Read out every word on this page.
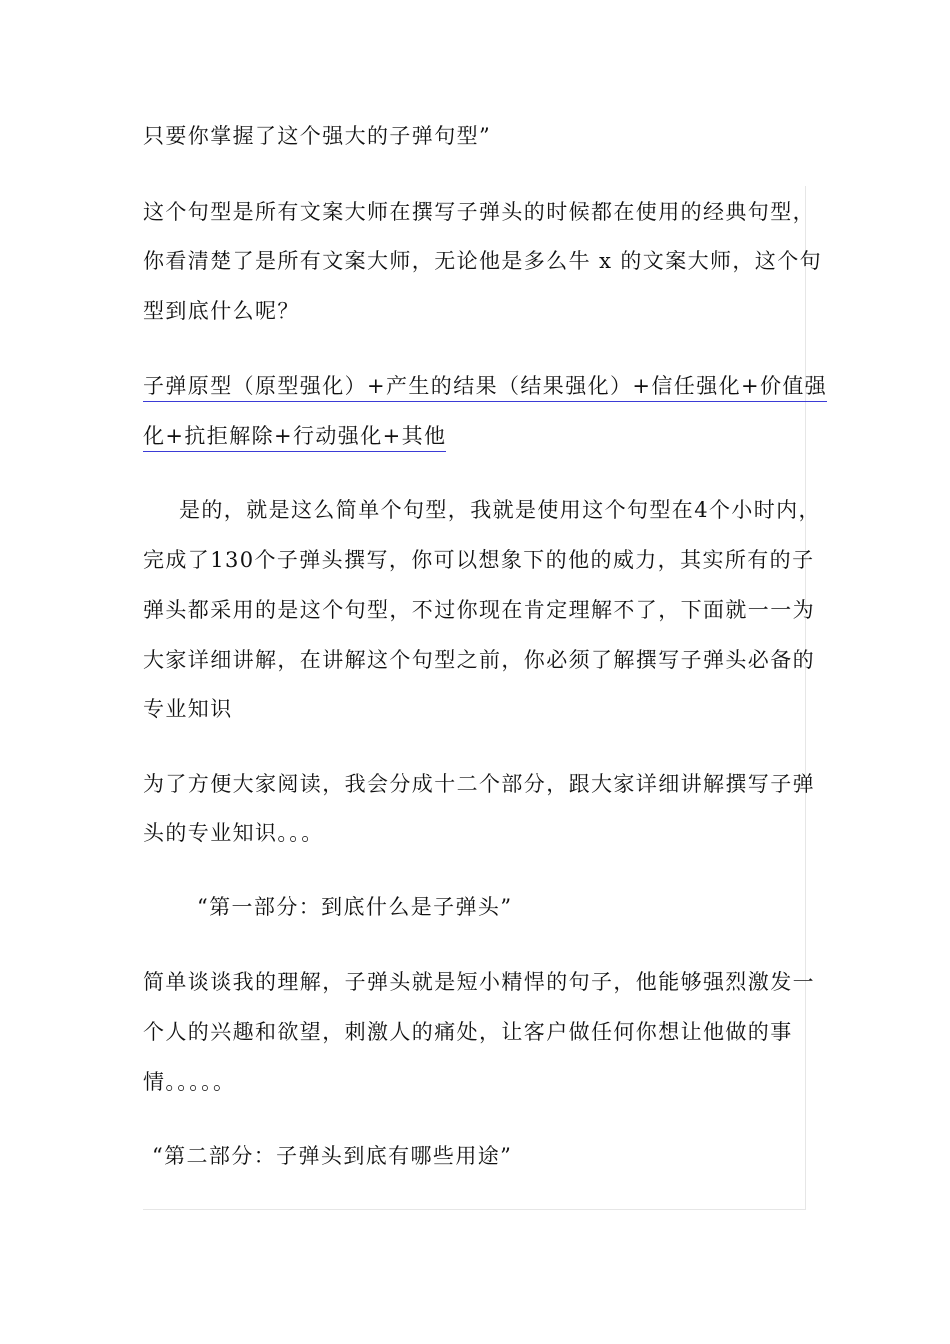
只要你掌握了这个强大的子弹句型”
这个句型是所有文案大师在撰写子弹头的时候都在使用的经典句型，
你看清楚了是所有文案大师，无论他是多么牛 x 的文案大师，这个句
型到底什么呢？
子弹原型（原型强化）+产生的结果（结果强化）+信任强化+价值强
化+抗拒解除+行动强化+其他
是的，就是这么简单个句型，我就是使用这个句型在4个小时内，
完成了130个子弹头撰写，你可以想象下的他的威力，其实所有的子
弹头都采用的是这个句型，不过你现在肯定理解不了，下面就一一为
大家详细讲解，在讲解这个句型之前，你必须了解撰写子弹头必备的
专业知识
为了方便大家阅读，我会分成十二个部分，跟大家详细讲解撰写子弹
头的专业知识。。。
“第一部分：到底什么是子弹头”
简单谈谈我的理解，子弹头就是短小精悍的句子，他能够强烈激发一
个人的兴趣和欲望，刺激人的痛处，让客户做任何你想让他做的事
情。。。。。
“第二部分：子弹头到底有哪些用途”
